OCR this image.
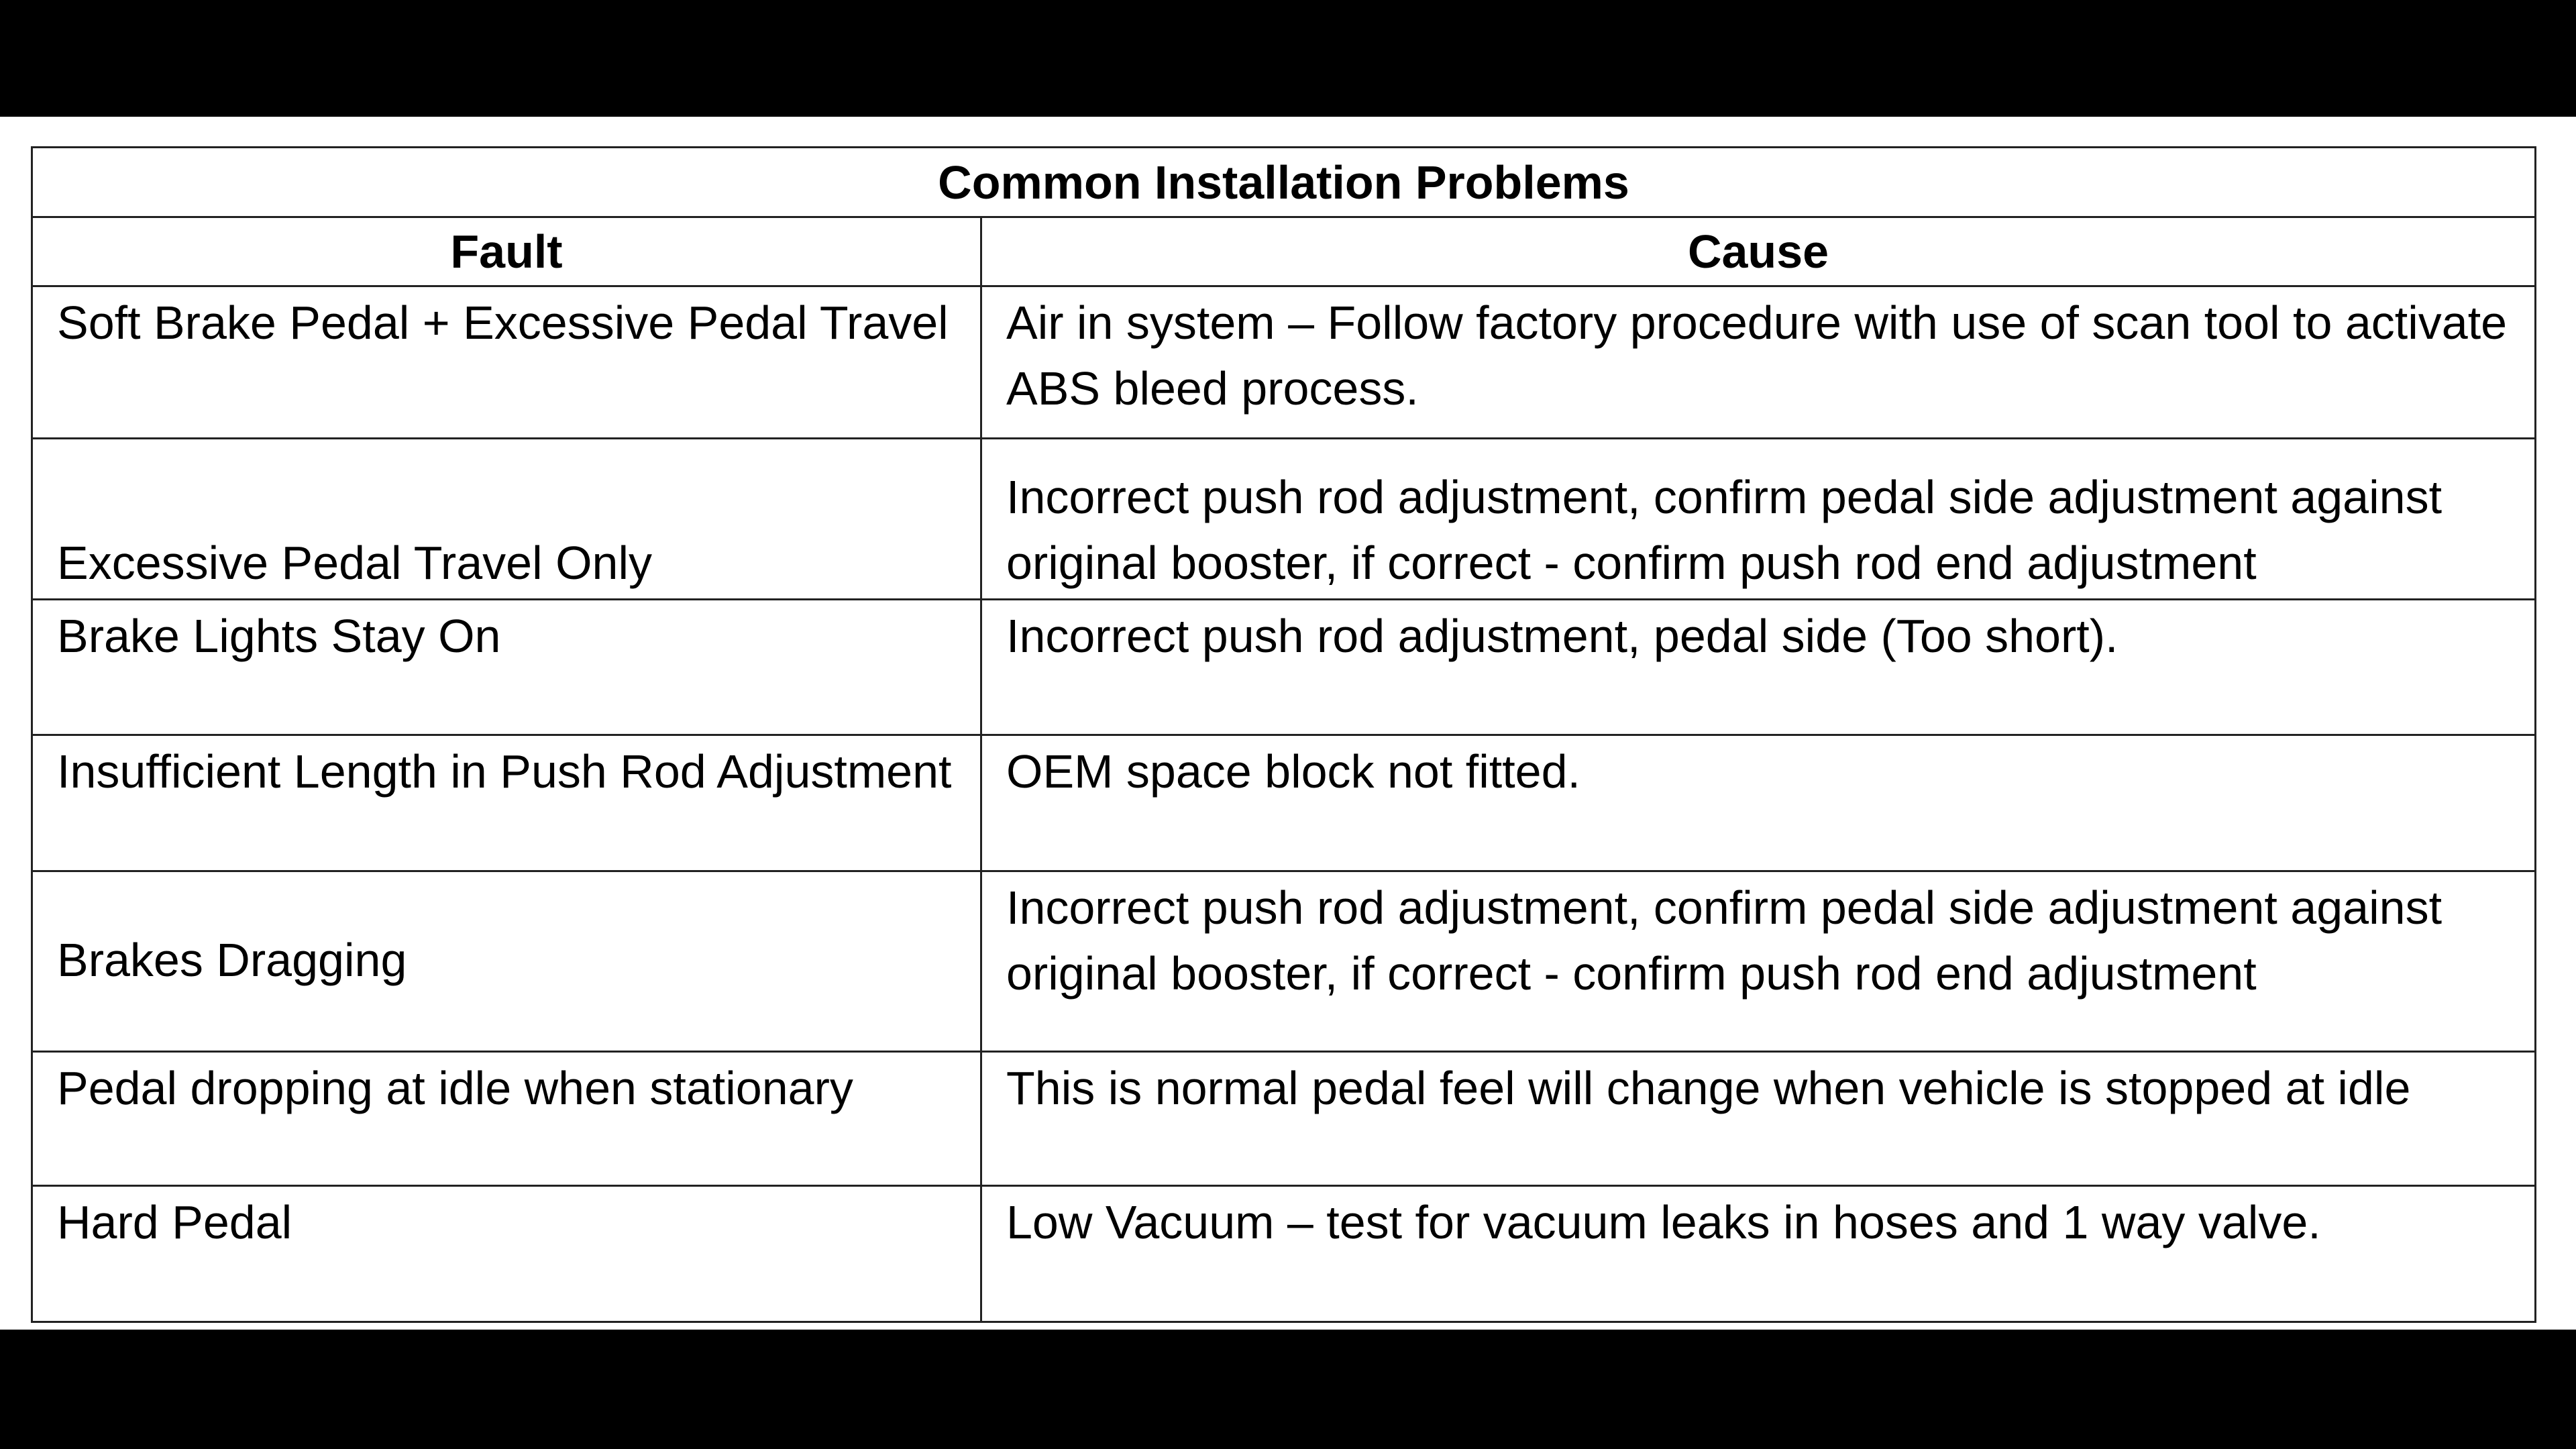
Common Installation Problems	
Fault	Cause
Soft Brake Pedal + Excessive Pedal Travel	Air in system – Follow factory procedure with use of scan tool to activate ABS bleed process.
Excessive Pedal Travel Only	Incorrect push rod adjustment, confirm pedal side adjustment against original booster, if correct - confirm push rod end adjustment
Brake Lights Stay On	Incorrect push rod adjustment, pedal side (Too short).
Insufficient Length in Push Rod Adjustment	OEM space block not fitted.
Brakes Dragging	Incorrect push rod adjustment, confirm pedal side adjustment against original booster, if correct - confirm push rod end adjustment
Pedal dropping at idle when stationary	This is normal pedal feel will change when vehicle is stopped at idle
Hard Pedal	Low Vacuum – test for vacuum leaks in hoses and 1 way valve.
